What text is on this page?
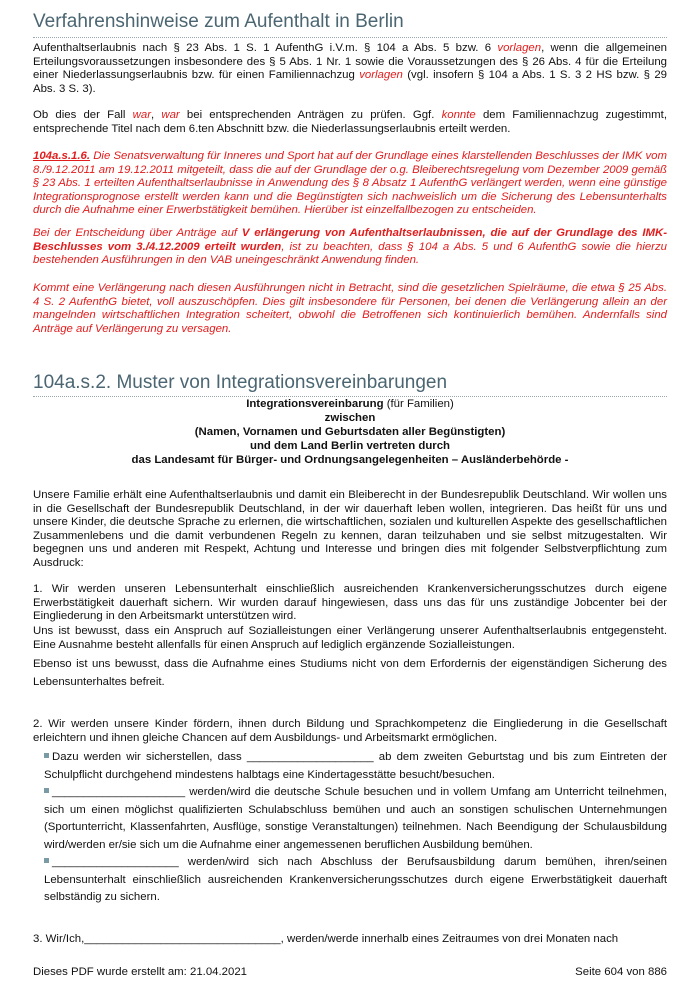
Verfahrenshinweise zum Aufenthalt in Berlin

Aufenthaltserlaubnis nach § 23 Abs. 1 S. 1 AufenthG i.V.m. § 104 a Abs. 5 bzw. 6 vorlagen, wenn die allgemeinen Erteilungsvoraussetzungen insbesondere des § 5 Abs. 1 Nr. 1 sowie die Voraussetzungen des § 26 Abs. 4 für die Erteilung einer Niederlassungserlaubnis bzw. für einen Familiennachzug vorlagen (vgl. insofern § 104 a Abs. 1 S. 3 2 HS bzw. § 29 Abs. 3 S. 3).

Ob dies der Fall war, war bei entsprechenden Anträgen zu prüfen. Ggf. konnte dem Familiennachzug zugestimmt, entsprechende Titel nach dem 6.ten Abschnitt bzw. die Niederlassungserlaubnis erteilt werden.

104a.s.1.6. Die Senatsverwaltung für Inneres und Sport hat auf der Grundlage eines klarstellenden Beschlusses der IMK vom 8./9.12.2011 am 19.12.2011 mitgeteilt, dass die auf der Grundlage der o.g. Bleiberechtsregelung vom Dezember 2009 gemäß § 23 Abs. 1 erteilten Aufenthaltserlaubnisse in Anwendung des § 8 Absatz 1 AufenthG verlängert werden, wenn eine günstige Integrationsprognose erstellt werden kann und die Begünstigten sich nachweislich um die Sicherung des Lebensunterhalts durch die Aufnahme einer Erwerbstätigkeit bemühen. Hierüber ist einzelfallbezogen zu entscheiden.

Bei der Entscheidung über Anträge auf V erlängerung von Aufenthaltserlaubnissen, die auf der Grundlage des IMK-Beschlusses vom 3./4.12.2009 erteilt wurden, ist zu beachten, dass § 104 a Abs. 5 und 6 AufenthG sowie die hierzu bestehenden Ausführungen in den VAB uneingeschränkt Anwendung finden.

Kommt eine Verlängerung nach diesen Ausführungen nicht in Betracht, sind die gesetzlichen Spielräume, die etwa § 25 Abs. 4 S. 2 AufenthG bietet, voll auszuschöpfen. Dies gilt insbesondere für Personen, bei denen die Verlängerung allein an der mangelnden wirtschaftlichen Integration scheitert, obwohl die Betroffenen sich kontinuierlich bemühen. Andernfalls sind Anträge auf Verlängerung zu versagen.

104a.s.2. Muster von Integrationsvereinbarungen
Integrationsvereinbarung (für Familien)
zwischen
(Namen, Vornamen und Geburtsdaten aller Begünstigten)
und dem Land Berlin vertreten durch
das Landesamt für Bürger- und Ordnungsangelegenheiten – Ausländerbehörde -

Unsere Familie erhält eine Aufenthaltserlaubnis und damit ein Bleiberecht in der Bundesrepublik Deutschland. Wir wollen uns in die Gesellschaft der Bundesrepublik Deutschland, in der wir dauerhaft leben wollen, integrieren. Das heißt für uns und unsere Kinder, die deutsche Sprache zu erlernen, die wirtschaftlichen, sozialen und kulturellen Aspekte des gesellschaftlichen Zusammenlebens und die damit verbundenen Regeln zu kennen, daran teilzuhaben und sie selbst mitzugestalten. Wir begegnen uns und anderen mit Respekt, Achtung und Interesse und bringen dies mit folgender Selbstverpflichtung zum Ausdruck:

1. Wir werden unseren Lebensunterhalt einschließlich ausreichenden Krankenversicherungsschutzes durch eigene Erwerbstätigkeit dauerhaft sichern. Wir wurden darauf hingewiesen, dass uns das für uns zuständige Jobcenter bei der Eingliederung in den Arbeitsmarkt unterstützen wird.

Uns ist bewusst, dass ein Anspruch auf Sozialleistungen einer Verlängerung unserer Aufenthaltserlaubnis entgegensteht. Eine Ausnahme besteht allenfalls für einen Anspruch auf lediglich ergänzende Sozialleistungen.

Ebenso ist uns bewusst, dass die Aufnahme eines Studiums nicht von dem Erfordernis der eigenständigen Sicherung des Lebensunterhaltes befreit.

2. Wir werden unsere Kinder fördern, ihnen durch Bildung und Sprachkompetenz die Eingliederung in die Gesellschaft erleichtern und ihnen gleiche Chancen auf dem Ausbildungs- und Arbeitsmarkt ermöglichen.

Dazu werden wir sicherstellen, dass ____________________ ab dem zweiten Geburtstag und bis zum Eintreten der Schulpflicht durchgehend mindestens halbtags eine Kindertagesstätte besucht/besuchen.
_____________________ werden/wird die deutsche Schule besuchen und in vollem Umfang am Unterricht teilnehmen, sich um einen möglichst qualifizierten Schulabschluss bemühen und auch an sonstigen schulischen Unternehmungen (Sportunterricht, Klassenfahrten, Ausflüge, sonstige Veranstaltungen) teilnehmen. Nach Beendigung der Schulausbildung wird/werden er/sie sich um die Aufnahme einer angemessenen beruflichen Ausbildung bemühen.
____________________ werden/wird sich nach Abschluss der Berufsausbildung darum bemühen, ihren/seinen Lebensunterhalt einschließlich ausreichenden Krankenversicherungsschutzes durch eigene Erwerbstätigkeit dauerhaft selbständig zu sichern.

3. Wir/Ich,_______________________________, werden/werde innerhalb eines Zeitraumes von drei Monaten nach

Dieses PDF wurde erstellt am: 21.04.2021	Seite 604 von 886
